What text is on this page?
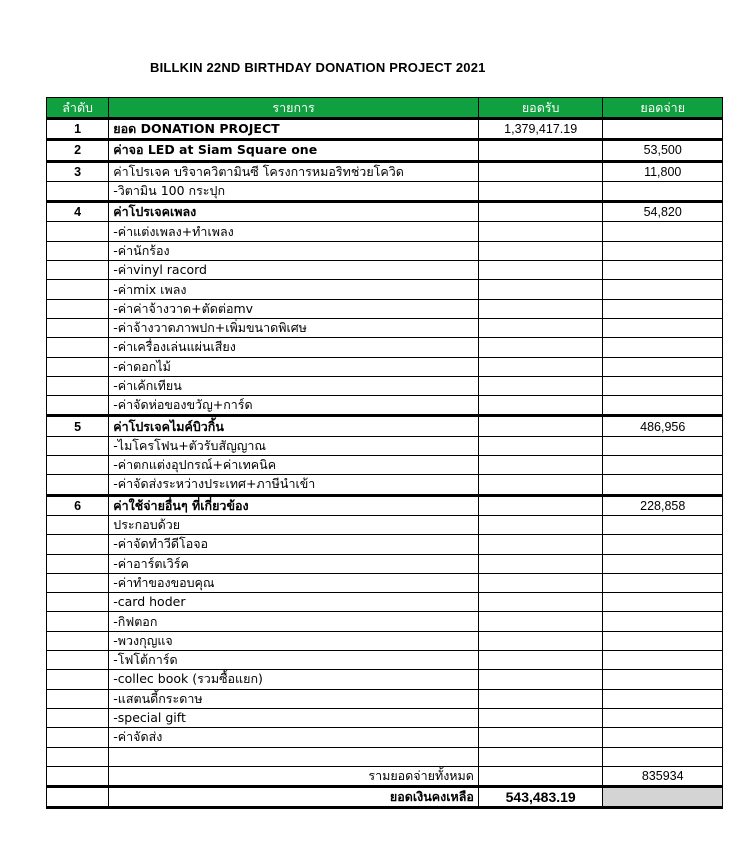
BILLKIN 22ND BIRTHDAY DONATION PROJECT 2021
ลำดับ	รายการ	ยอดรับ	ยอดจ่าย
1	ยอด DONATION PROJECT	1,379,417.19	
2	ค่าจอ LED at Siam Square one		53,500
3	ค่าโปรเจค บริจาควิตามินซี โครงการหมอริทช่วยโควิด		11,800
	-วิตามิน 100 กระปุก		
4	ค่าโปรเจคเพลง		54,820
	-ค่าแต่งเพลง+ทำเพลง		
	-ค่านักร้อง		
	-ค่าvinyl racord		
	-ค่าmix เพลง		
	-ค่าค่าจ้างวาด+ตัดต่อmv		
	-ค่าจ้างวาดภาพปก+เพิ่มขนาดพิเศษ		
	-ค่าเครื่องเล่นแผ่นเสียง		
	-ค่าดอกไม้		
	-ค่าเค้กเทียน		
	-ค่าจัดห่อของขวัญ+การ์ด		
5	ค่าโปรเจคไมค์บิวกิ้น		486,956
	-ไมโครโฟน+ตัวรับสัญญาณ		
	-ค่าตกแต่งอุปกรณ์+ค่าเทคนิค		
	-ค่าจัดส่งระหว่างประเทศ+ภาษีนำเข้า		
6	ค่าใช้จ่ายอื่นๆ ที่เกี่ยวข้อง		228,858
	ประกอบด้วย		
	-ค่าจัดทำวีดีโอจอ		
	-ค่าอาร์ตเวิร์ค		
	-ค่าทำของขอบคุณ		
	-card hoder		
	-กิฟตอก		
	-พวงกุญแจ		
	-โฟโต้การ์ด		
	-collec book (รวมซื้อแยก)		
	-แสตนดี้กระดาษ		
	-special gift		
	-ค่าจัดส่ง		

	รามยอดจ่ายทั้งหมด		835934
	ยอดเงินคงเหลือ	543,483.19	
